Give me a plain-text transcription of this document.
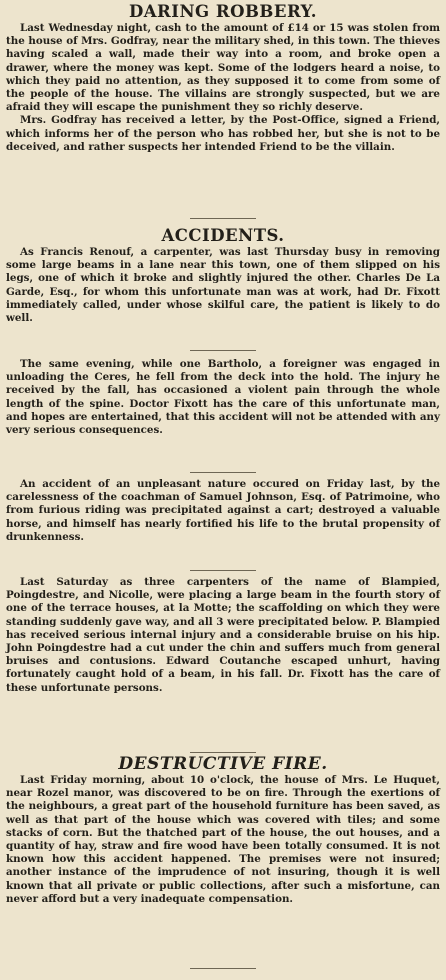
DARING ROBBERY.

Last Wednesday night, cash to the amount of £14 or 15 was stolen from the house of Mrs. Godfray, near the military shed, in this town. The thieves having scaled a wall, made their way into a room, and broke open a drawer, where the money was kept. Some of the lodgers heard a noise, to which they paid no attention, as they supposed it to come from some of the people of the house. The villains are strongly suspected, but we are afraid they will escape the punishment they so richly deserve.

Mrs. Godfray has received a letter, by the Post-Office, signed a Friend, which informs her of the person who has robbed her, but she is not to be deceived, and rather suspects her intended Friend to be the villain.

ACCIDENTS.

As Francis Renouf, a carpenter, was last Thursday busy in removing some large beams in a lane near this town, one of them slipped on his legs, one of which it broke and slightly injured the other. Charles De La Garde, Esq., for whom this unfortunate man was at work, had Dr. Fixott immediately called, under whose skilful care, the patient is likely to do well.

The same evening, while one Bartholo, a foreigner was engaged in unloading the Ceres, he fell from the deck into the hold. The injury he received by the fall, has occasioned a violent pain through the whole length of the spine. Doctor Fixott has the care of this unfortunate man, and hopes are entertained, that this accident will not be attended with any very serious consequences.

An accident of an unpleasant nature occured on Friday last, by the carelessness of the coachman of Samuel Johnson, Esq. of Patrimoine, who from furious riding was precipitated against a cart; destroyed a valuable horse, and himself has nearly fortified his life to the brutal propensity of drunkenness.

Last Saturday as three carpenters of the name of Blampied, Poingdestre, and Nicolle, were placing a large beam in the fourth story of one of the terrace houses, at la Motte; the scaffolding on which they were standing suddenly gave way, and all 3 were precipitated below. P. Blampied has received serious internal injury and a considerable bruise on his hip. John Poingdestre had a cut under the chin and suffers much from general bruises and contusions. Edward Coutanche escaped unhurt, having fortunately caught hold of a beam, in his fall. Dr. Fixott has the care of these unfortunate persons.

DESTRUCTIVE FIRE.

Last Friday morning, about 10 o'clock, the house of Mrs. Le Huquet, near Rozel manor, was discovered to be on fire. Through the exertions of the neighbours, a great part of the household furniture has been saved, as well as that part of the house which was covered with tiles; and some stacks of corn. But the thatched part of the house, the out houses, and a quantity of hay, straw and fire wood have been totally consumed. It is not known how this accident happened. The premises were not insured; another instance of the imprudence of not insuring, though it is well known that all private or public collections, after such a misfortune, can never afford but a very inadequate compensation.
